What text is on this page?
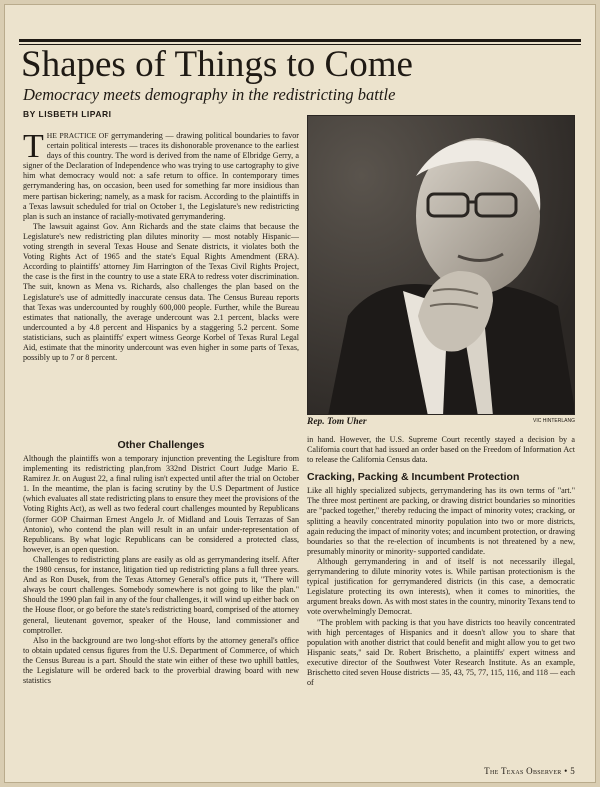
Shapes of Things to Come
Democracy meets demography in the redistricting battle
BY LISBETH LIPARI

THE PRACTICE OF gerrymandering — drawing political boundaries to favor certain political interests — traces its dishonorable provenance to the earliest days of this country. The word is derived from the name of Elbridge Gerry, a signer of the Declaration of Independence who was trying to use cartography to give him what democracy would not: a safe return to office. In contemporary times gerrymandering has, on occasion, been used for something far more insidious than mere partisan bickering; namely, as a mask for racism. According to the plaintiffs in a Texas lawsuit scheduled for trial on October 1, the Legislature's new redistricting plan is such an instance of racially-motivated gerrymandering.

The lawsuit against Gov. Ann Richards and the state claims that because the Legislature's new redistricting plan dilutes minority — most notably Hispanic— voting strength in several Texas House and Senate districts, it violates both the Voting Rights Act of 1965 and the state's Equal Rights Amendment (ERA). According to plaintiffs' attorney Jim Harrington of the Texas Civil Rights Project, the case is the first in the country to use a state ERA to redress voter discrimination. The suit, known as Mena vs. Richards, also challenges the plan based on the Legislature's use of admittedly inaccurate census data. The Census Bureau reports that Texas was undercounted by roughly 600,000 people. Further, while the Bureau estimates that nationally, the average undercount was 2.1 percent, blacks were undercounted a by 4.8 percent and Hispanics by a staggering 5.2 percent. Some statisticians, such as plaintiffs' expert witness George Korbel of Texas Rural Legal Aid, estimate that the minority undercount was even higher in some parts of Texas, possibly up to 7 or 8 percent.

Other Challenges

Although the plaintiffs won a temporary injunction preventing the Legislture from implementing its redistricting plan,from 332nd District Court Judge Mario E. Ramirez Jr. on August 22, a final ruling isn't expected until after the trial on October 1. In the meantime, the plan is facing scrutiny by the U.S Department of Justice (which evaluates all state redistricting plans to ensure they meet the provisions of the Voting Rights Act), as well as two federal court challenges mounted by Republicans (former GOP Chairman Ernest Angelo Jr. of Midland and Louis Terrazas of San Antonio), who contend the plan will result in an unfair under-representation of Republicans. By what logic Republicans can be considered a protected class, however, is an open question.

Challenges to redistricting plans are easily as old as gerrymandering itself. After the 1980 census, for instance, litigation tied up redistricting plans a full three years. And as Ron Dusek, from the Texas Attorney General's office puts it, "There will always be court challenges. Somebody somewhere is not going to like the plan." Should the 1990 plan fail in any of the four challenges, it will wind up either back on the House floor, or go before the state's redistricting board, comprised of the attorney general, lieutenant governor, speaker of the House, land commissioner and comptroller.

Also in the background are two long-shot efforts by the attorney general's office to obtain updated census figures from the U.S. Department of Commerce, of which the Census Bureau is a part. Should the state win either of these two uphill battles, the Legislature will be ordered back to the proverbial drawing board with new statistics

Rep. Tom Uher	VIC HINTERLANG

in hand. However, the U.S. Supreme Court recently stayed a decision by a California court that had issued an order based on the Freedom of Information Act to release the California Census data.

Cracking, Packing & Incumbent Protection

Like all highly specialized subjects, gerrymandering has its own terms of "art." The three most pertinent are packing, or drawing district boundaries so minorities are "packed together," thereby reducing the impact of minority votes; cracking, or splitting a heavily concentrated minority population into two or more districts, again reducing the impact of minority votes; and incumbent protection, or drawing boundaries so that the re-election of incumbents is not threatened by a new, presumably minority or minority- supported candidate.

Although gerrymandering in and of itself is not necessarily illegal, gerrymandering to dilute minority votes is. While partisan protectionism is the typical justification for gerrymandered districts (in this case, a democratic Legislature protecting its own interests), when it comes to minorities, the argument breaks down. As with most states in the country, minority Texans tend to vote overwhelmingly Democrat.

"The problem with packing is that you have districts too heavily concentrated with high percentages of Hispanics and it doesn't allow you to share that population with another district that could benefit and might allow you to get two Hispanic seats," said Dr. Robert Brischetto, a plaintiffs' expert witness and executive director of the Southwest Voter Research Institute. As an example, Brischetto cited seven House districts — 35, 43, 75, 77, 115, 116, and 118 — each of

The Texas Observer • 5
